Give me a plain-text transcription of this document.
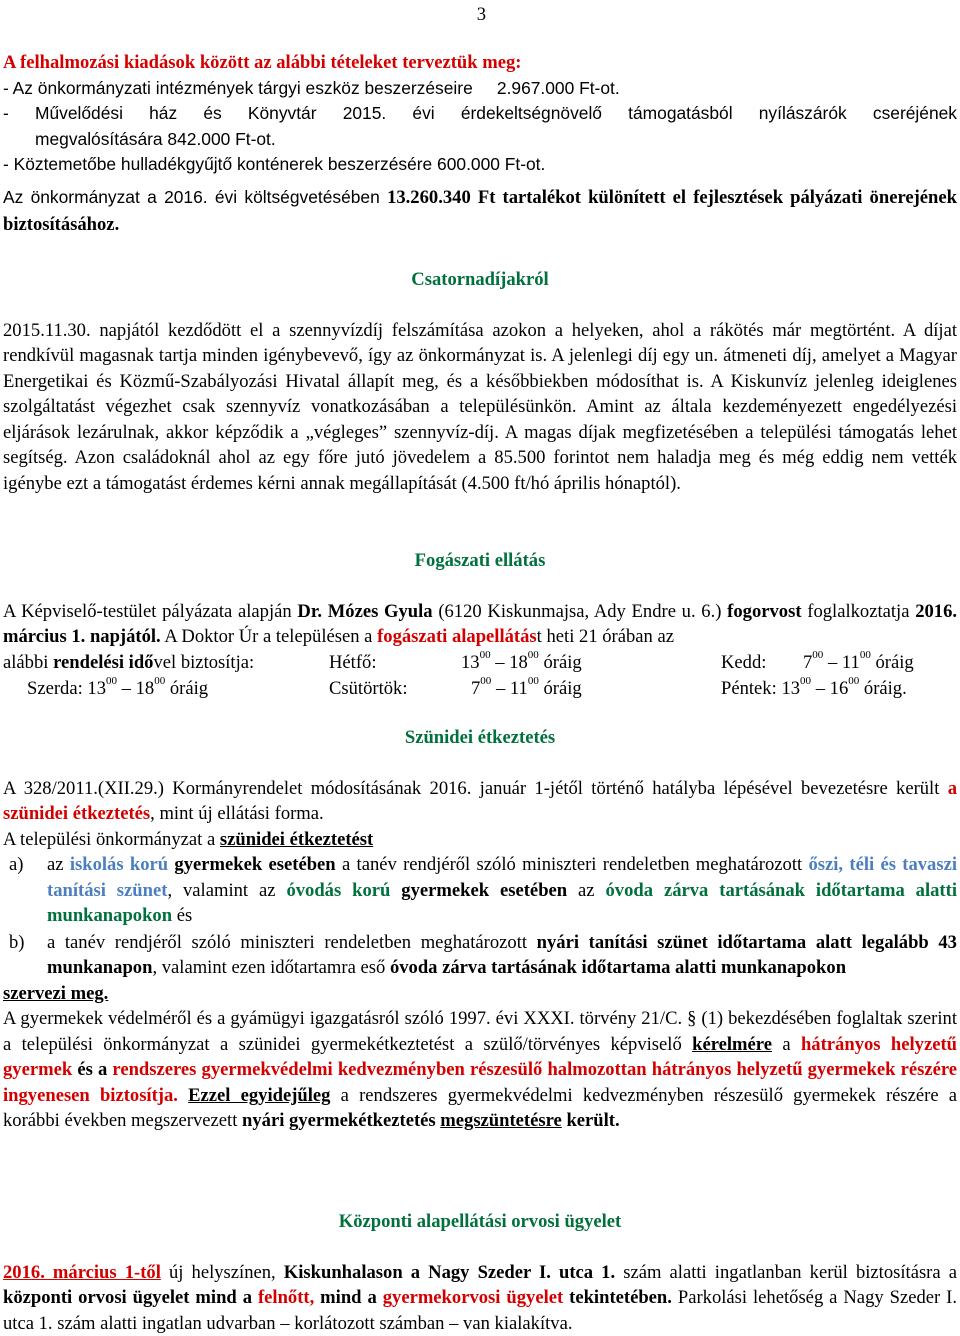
3

A felhalmozási kiadások között az alábbi tételeket terveztük meg:

- Az önkormányzati intézmények tárgyi eszköz beszerzéseire     2.967.000 Ft-ot.

- Művelődési ház és Könyvtár 2015. évi érdekeltségnövelő támogatásból nyílászárók cseréjének

megvalósítására 842.000 Ft-ot.

- Köztemetőbe hulladékgyűjtő konténerek beszerzésére 600.000 Ft-ot.

Az önkormányzat a 2016. évi költségvetésében 13.260.340 Ft tartalékot különített el fejlesztések pályázati önerejének biztosításához.

Csatornadíjakról

2015.11.30. napjától kezdődött el a szennyvízdíj felszámítása azokon a helyeken, ahol a rákötés már megtörtént. A díjat rendkívül magasnak tartja minden igénybevevő, így az önkormányzat is. A jelenlegi díj egy un. átmeneti díj, amelyet a Magyar Energetikai és Közmű-Szabályozási Hivatal állapít meg, és a későbbiekben módosíthat is. A Kiskunvíz jelenleg ideiglenes szolgáltatást végezhet csak szennyvíz vonatkozásában a településünkön. Amint az általa kezdeményezett engedélyezési eljárások lezárulnak, akkor képződik a „végleges” szennyvíz-díj. A magas díjak megfizetésében a települési támogatás lehet segítség. Azon családoknál ahol az egy főre jutó jövedelem a 85.500 forintot nem haladja meg és még eddig nem vették igénybe ezt a támogatást érdemes kérni annak megállapítását (4.500 ft/hó április hónaptól).

Fogászati ellátás

A Képviselő-testület pályázata alapján Dr. Mózes Gyula (6120 Kiskunmajsa, Ady Endre u. 6.) fogorvost foglalkoztatja 2016. március 1. napjától. A Doktor Úr a településen a fogászati alapellátást heti 21 órában az

alábbi rendelési idővel biztosítja:	Hétfő:	$13^{00} - 18^{00}$ óráig	Kedd: $7^{00} - 11^{00}$ óráig
Szerda: $13^{00} - 18^{00}$ óráig	Csütörtök:	$7^{00} - 11^{00}$ óráig	Péntek: $13^{00} - 16^{00}$ óráig.

Szünidei étkeztetés

A 328/2011.(XII.29.) Kormányrendelet módosításának 2016. január 1-jétől történő hatályba lépésével bevezetésre került a szünidei étkeztetés, mint új ellátási forma.

A települési önkormányzat a szünidei étkeztetést

a)	az iskolás korú gyermekek esetében a tanév rendjéről szóló miniszteri rendeletben meghatározott őszi, téli és tavaszi tanítási szünet, valamint az óvodás korú gyermekek esetében az óvoda zárva tartásának időtartama alatti munkanapokon és

b)	a tanév rendjéről szóló miniszteri rendeletben meghatározott nyári tanítási szünet időtartama alatt legalább 43 munkanapon, valamint ezen időtartamra eső óvoda zárva tartásának időtartama alatti munkanapokon

szervezi meg.

A gyermekek védelméről és a gyámügyi igazgatásról szóló 1997. évi XXXI. törvény 21/C. § (1) bekezdésében foglaltak szerint a települési önkormányzat a szünidei gyermekétkeztetést a szülő/törvényes képviselő kérelmére a hátrányos helyzetű gyermek és a rendszeres gyermekvédelmi kedvezményben részesülő halmozottan hátrányos helyzetű gyermekek részére ingyenesen biztosítja. Ezzel egyidejűleg a rendszeres gyermekvédelmi kedvezményben részesülő gyermekek részére a korábbi években megszervezett nyári gyermekétkeztetés megszüntetésre került.

Központi alapellátási orvosi ügyelet

2016. március 1-től új helyszínen, Kiskunhalason a Nagy Szeder I. utca 1. szám alatti ingatlanban kerül biztosításra a központi orvosi ügyelet mind a felnőtt, mind a gyermekorvosi ügyelet tekintetében. Parkolási lehetőség a Nagy Szeder I. utca 1. szám alatti ingatlan udvarban – korlátozott számban – van kialakítva.
